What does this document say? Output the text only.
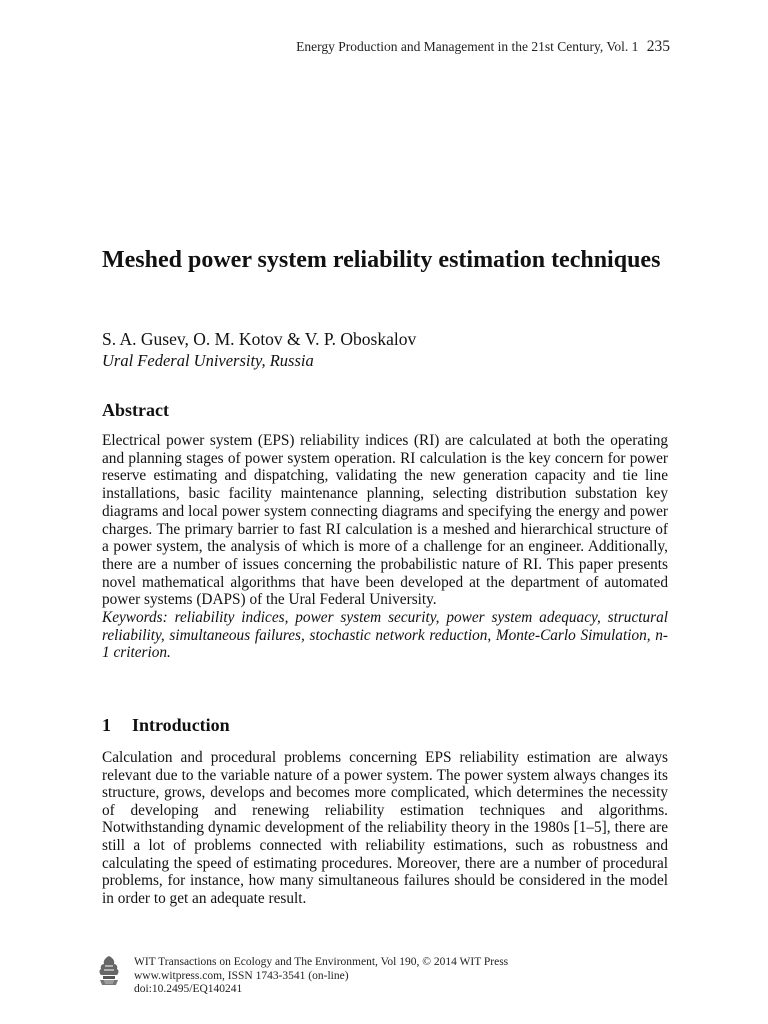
Energy Production and Management in the 21st Century, Vol. 1 235
Meshed power system reliability estimation techniques
S. A. Gusev, O. M. Kotov & V. P. Oboskalov
Ural Federal University, Russia
Abstract

Electrical power system (EPS) reliability indices (RI) are calculated at both the operating and planning stages of power system operation. RI calculation is the key concern for power reserve estimating and dispatching, validating the new generation capacity and tie line installations, basic facility maintenance planning, selecting distribution substation key diagrams and local power system connecting diagrams and specifying the energy and power charges. The primary barrier to fast RI calculation is a meshed and hierarchical structure of a power system, the analysis of which is more of a challenge for an engineer. Additionally, there are a number of issues concerning the probabilistic nature of RI. This paper presents novel mathematical algorithms that have been developed at the department of automated power systems (DAPS) of the Ural Federal University.

Keywords: reliability indices, power system security, power system adequacy, structural reliability, simultaneous failures, stochastic network reduction, Monte-Carlo Simulation, n-1 criterion.

1 Introduction

Calculation and procedural problems concerning EPS reliability estimation are always relevant due to the variable nature of a power system. The power system always changes its structure, grows, develops and becomes more complicated, which determines the necessity of developing and renewing reliability estimation techniques and algorithms. Notwithstanding dynamic development of the reliability theory in the 1980s [1–5], there are still a lot of problems connected with reliability estimations, such as robustness and calculating the speed of estimating procedures. Moreover, there are a number of procedural problems, for instance, how many simultaneous failures should be considered in the model in order to get an adequate result.

WIT Transactions on Ecology and The Environment, Vol 190, © 2014 WIT Press
www.witpress.com, ISSN 1743-3541 (on-line)
doi:10.2495/EQ140241
